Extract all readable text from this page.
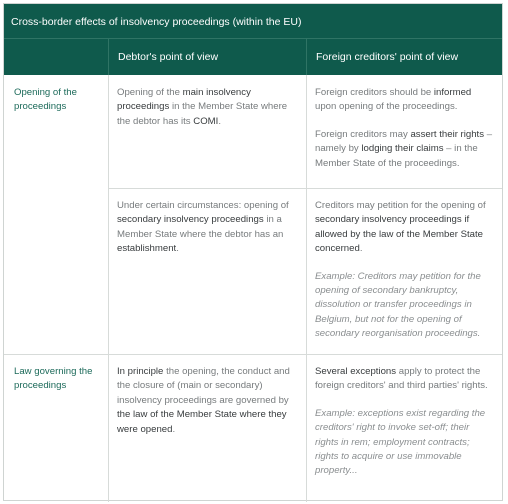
Cross-border effects of insolvency proceedings (within the EU)
Debtor's point of view	Foreign creditors' point of view
Opening of the proceedings

Opening of the main insolvency proceedings in the Member State where the debtor has its COMI.

Foreign creditors should be informed upon opening of the proceedings.

Foreign creditors may assert their rights – namely by lodging their claims – in the Member State of the proceedings.

Under certain circumstances: opening of secondary insolvency proceedings in a Member State where the debtor has an establishment.

Creditors may petition for the opening of secondary insolvency proceedings if allowed by the law of the Member State concerned.

Example: Creditors may petition for the opening of secondary bankruptcy, dissolution or transfer proceedings in Belgium, but not for the opening of secondary reorganisation proceedings.

Law governing the proceedings

In principle the opening, the conduct and the closure of (main or secondary) insolvency proceedings are governed by the law of the Member State where they were opened.

Several exceptions apply to protect the foreign creditors' and third parties' rights.

Example: exceptions exist regarding the creditors' right to invoke set-off; their rights in rem; employment contracts; rights to acquire or use immovable property...
